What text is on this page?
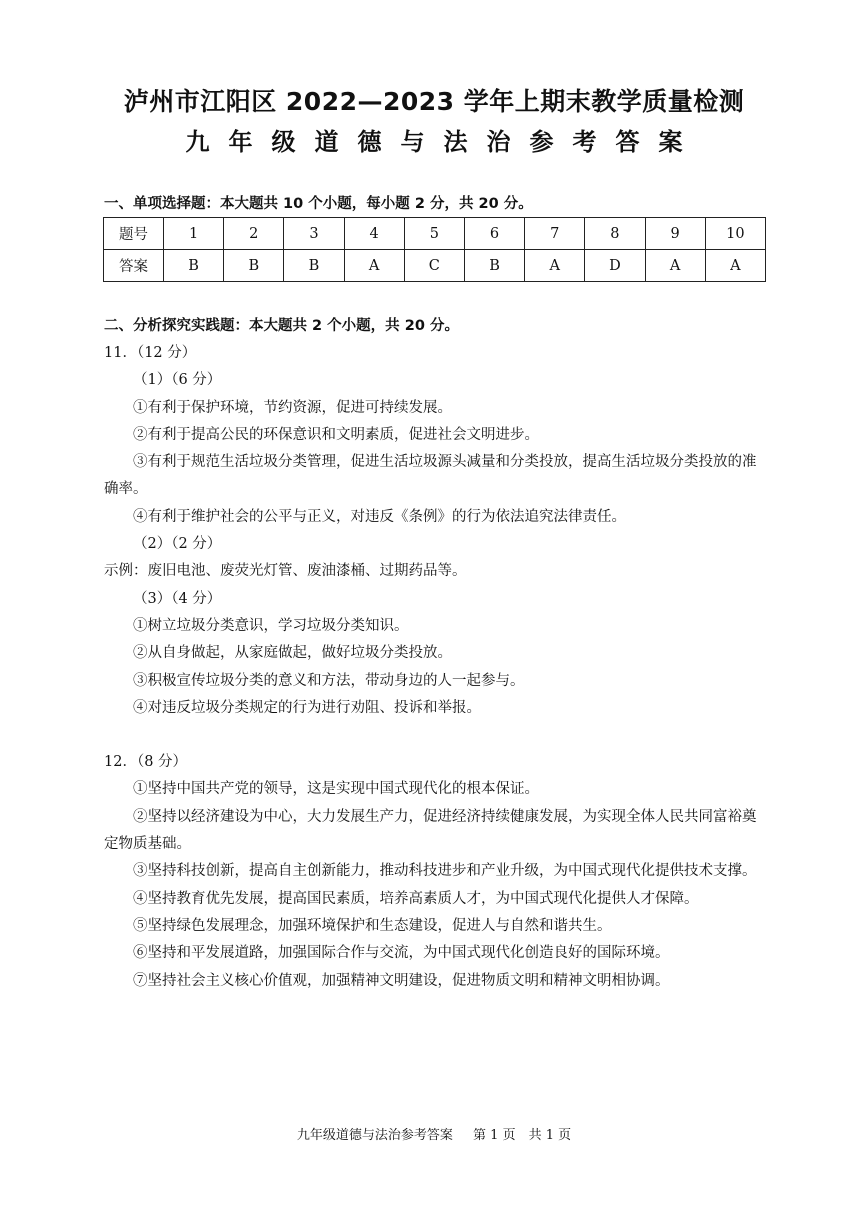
泸州市江阳区 2022—2023 学年上期末教学质量检测
九年级道德与法治参考答案
一、单项选择题：本大题共 10 个小题，每小题 2 分，共 20 分。
题号	1	2	3	4	5	6	7	8	9	10
答案	B	B	B	A	C	B	A	D	A	A
二、分析探究实践题：本大题共 2 个小题，共 20 分。

11．（12 分）

（1）（6 分）

①有利于保护环境，节约资源，促进可持续发展。

②有利于提高公民的环保意识和文明素质，促进社会文明进步。

③有利于规范生活垃圾分类管理，促进生活垃圾源头减量和分类投放，提高生活垃圾分类投放的准确率。

④有利于维护社会的公平与正义，对违反《条例》的行为依法追究法律责任。

（2）（2 分）

示例：废旧电池、废荧光灯管、废油漆桶、过期药品等。

（3）（4 分）

①树立垃圾分类意识，学习垃圾分类知识。

②从自身做起，从家庭做起，做好垃圾分类投放。

③积极宣传垃圾分类的意义和方法，带动身边的人一起参与。

④对违反垃圾分类规定的行为进行劝阻、投诉和举报。

12．（8 分）

①坚持中国共产党的领导，这是实现中国式现代化的根本保证。

②坚持以经济建设为中心，大力发展生产力，促进经济持续健康发展，为实现全体人民共同富裕奠定物质基础。

③坚持科技创新，提高自主创新能力，推动科技进步和产业升级，为中国式现代化提供技术支撑。

④坚持教育优先发展，提高国民素质，培养高素质人才，为中国式现代化提供人才保障。

⑤坚持绿色发展理念，加强环境保护和生态建设，促进人与自然和谐共生。

⑥坚持和平发展道路，加强国际合作与交流，为中国式现代化创造良好的国际环境。

⑦坚持社会主义核心价值观，加强精神文明建设，促进物质文明和精神文明相协调。

九年级道德与法治参考答案 第 1 页　共 1 页
